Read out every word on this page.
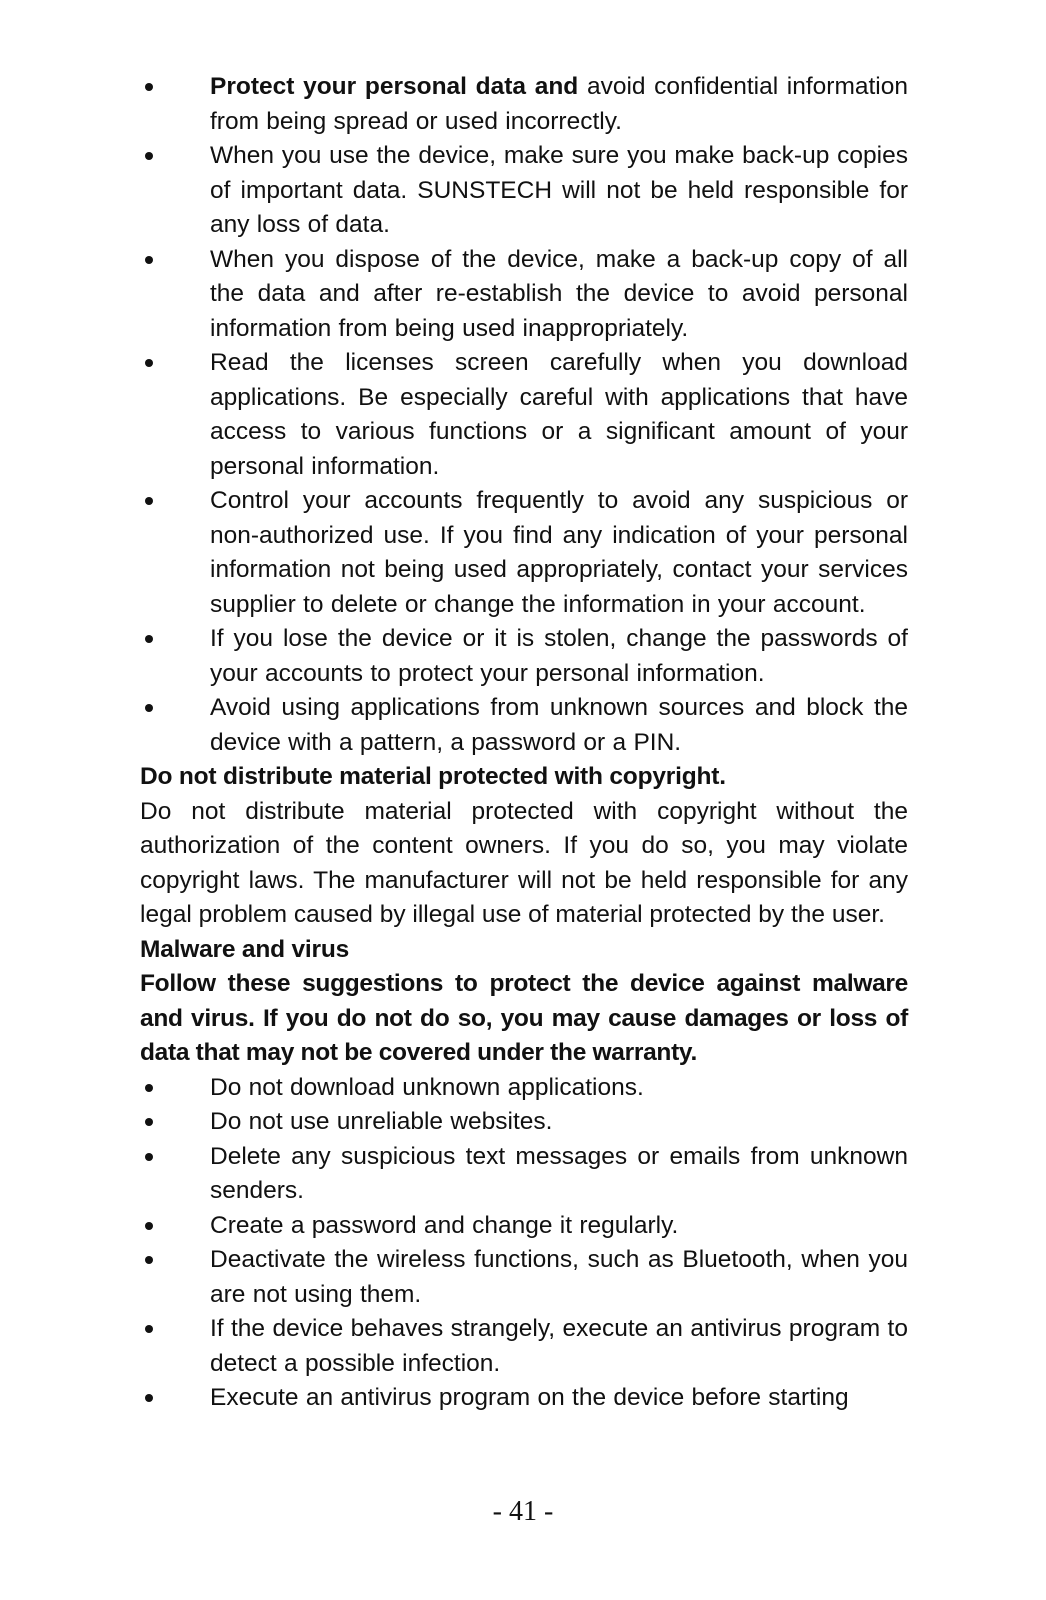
Protect your personal data and avoid confidential information from being spread or used incorrectly.
When you use the device, make sure you make back-up copies of important data. SUNSTECH will not be held responsible for any loss of data.
When you dispose of the device, make a back-up copy of all the data and after re-establish the device to avoid personal information from being used inappropriately.
Read the licenses screen carefully when you download applications. Be especially careful with applications that have access to various functions or a significant amount of your personal information.
Control your accounts frequently to avoid any suspicious or non-authorized use. If you find any indication of your personal information not being used appropriately, contact your services supplier to delete or change the information in your account.
If you lose the device or it is stolen, change the passwords of your accounts to protect your personal information.
Avoid using applications from unknown sources and block the device with a pattern, a password or a PIN.
Do not distribute material protected with copyright.
Do not distribute material protected with copyright without the authorization of the content owners. If you do so, you may violate copyright laws. The manufacturer will not be held responsible for any legal problem caused by illegal use of material protected by the user.
Malware and virus
Follow these suggestions to protect the device against malware and virus. If you do not do so, you may cause damages or loss of data that may not be covered under the warranty.
Do not download unknown applications.
Do not use unreliable websites.
Delete any suspicious text messages or emails from unknown senders.
Create a password and change it regularly.
Deactivate the wireless functions, such as Bluetooth, when you are not using them.
If the device behaves strangely, execute an antivirus program to detect a possible infection.
Execute an antivirus program on the device before starting
- 41 -
